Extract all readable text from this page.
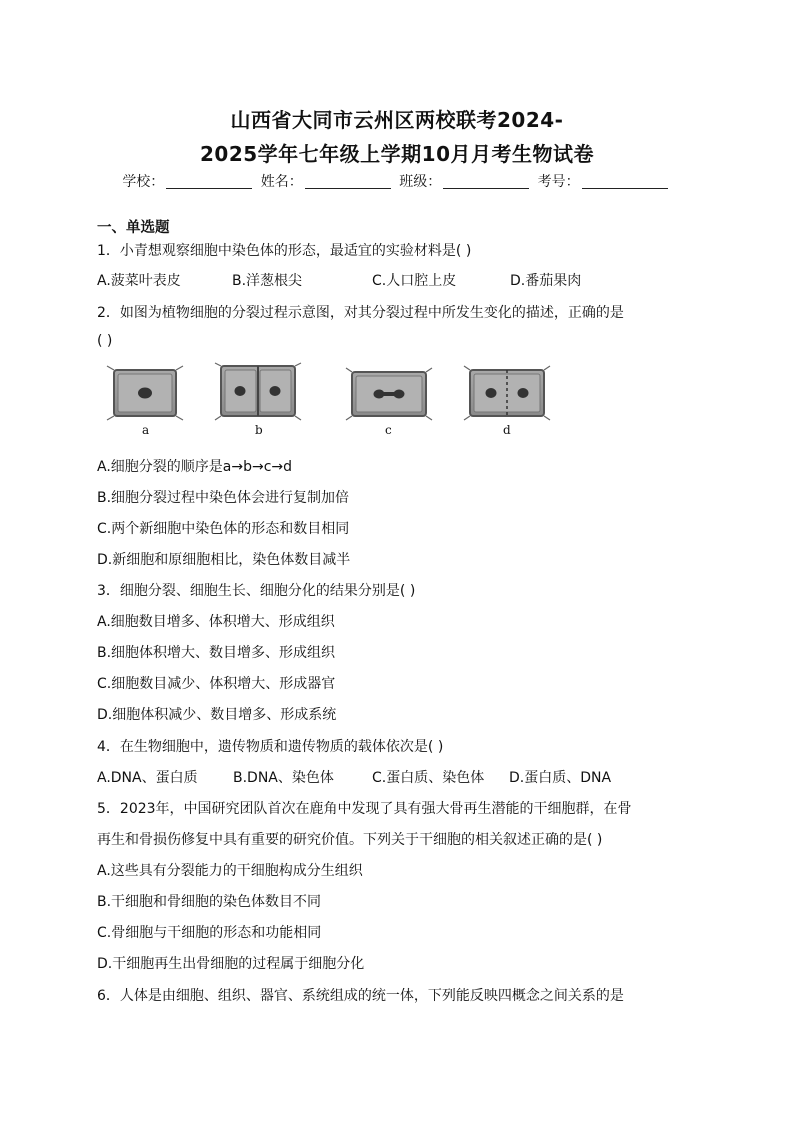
山西省大同市云州区两校联考2024-
2025学年七年级上学期10月月考生物试卷
学校：	姓名：	班级：	考号：
一、单选题
1．小青想观察细胞中染色体的形态，最适宜的实验材料是( )
A.菠菜叶表皮	B.洋葱根尖	C.人口腔上皮	D.番茄果肉
2．如图为植物细胞的分裂过程示意图，对其分裂过程中所发生变化的描述，正确的是
( )
a	b	c	d
A.细胞分裂的顺序是a→b→c→d
B.细胞分裂过程中染色体会进行复制加倍
C.两个新细胞中染色体的形态和数目相同
D.新细胞和原细胞相比，染色体数目减半
3．细胞分裂、细胞生长、细胞分化的结果分别是( )
A.细胞数目增多、体积增大、形成组织
B.细胞体积增大、数目增多、形成组织
C.细胞数目减少、体积增大、形成器官
D.细胞体积减少、数目增多、形成系统
4．在生物细胞中，遗传物质和遗传物质的载体依次是( )
A.DNA、蛋白质	B.DNA、染色体	C.蛋白质、染色体 D.蛋白质、DNA
5．2023年，中国研究团队首次在鹿角中发现了具有强大骨再生潜能的干细胞群，在骨
再生和骨损伤修复中具有重要的研究价值。下列关于干细胞的相关叙述正确的是( )
A.这些具有分裂能力的干细胞构成分生组织
B.干细胞和骨细胞的染色体数目不同
C.骨细胞与干细胞的形态和功能相同
D.干细胞再生出骨细胞的过程属于细胞分化
6．人体是由细胞、组织、器官、系统组成的统一体，下列能反映四概念之间关系的是
